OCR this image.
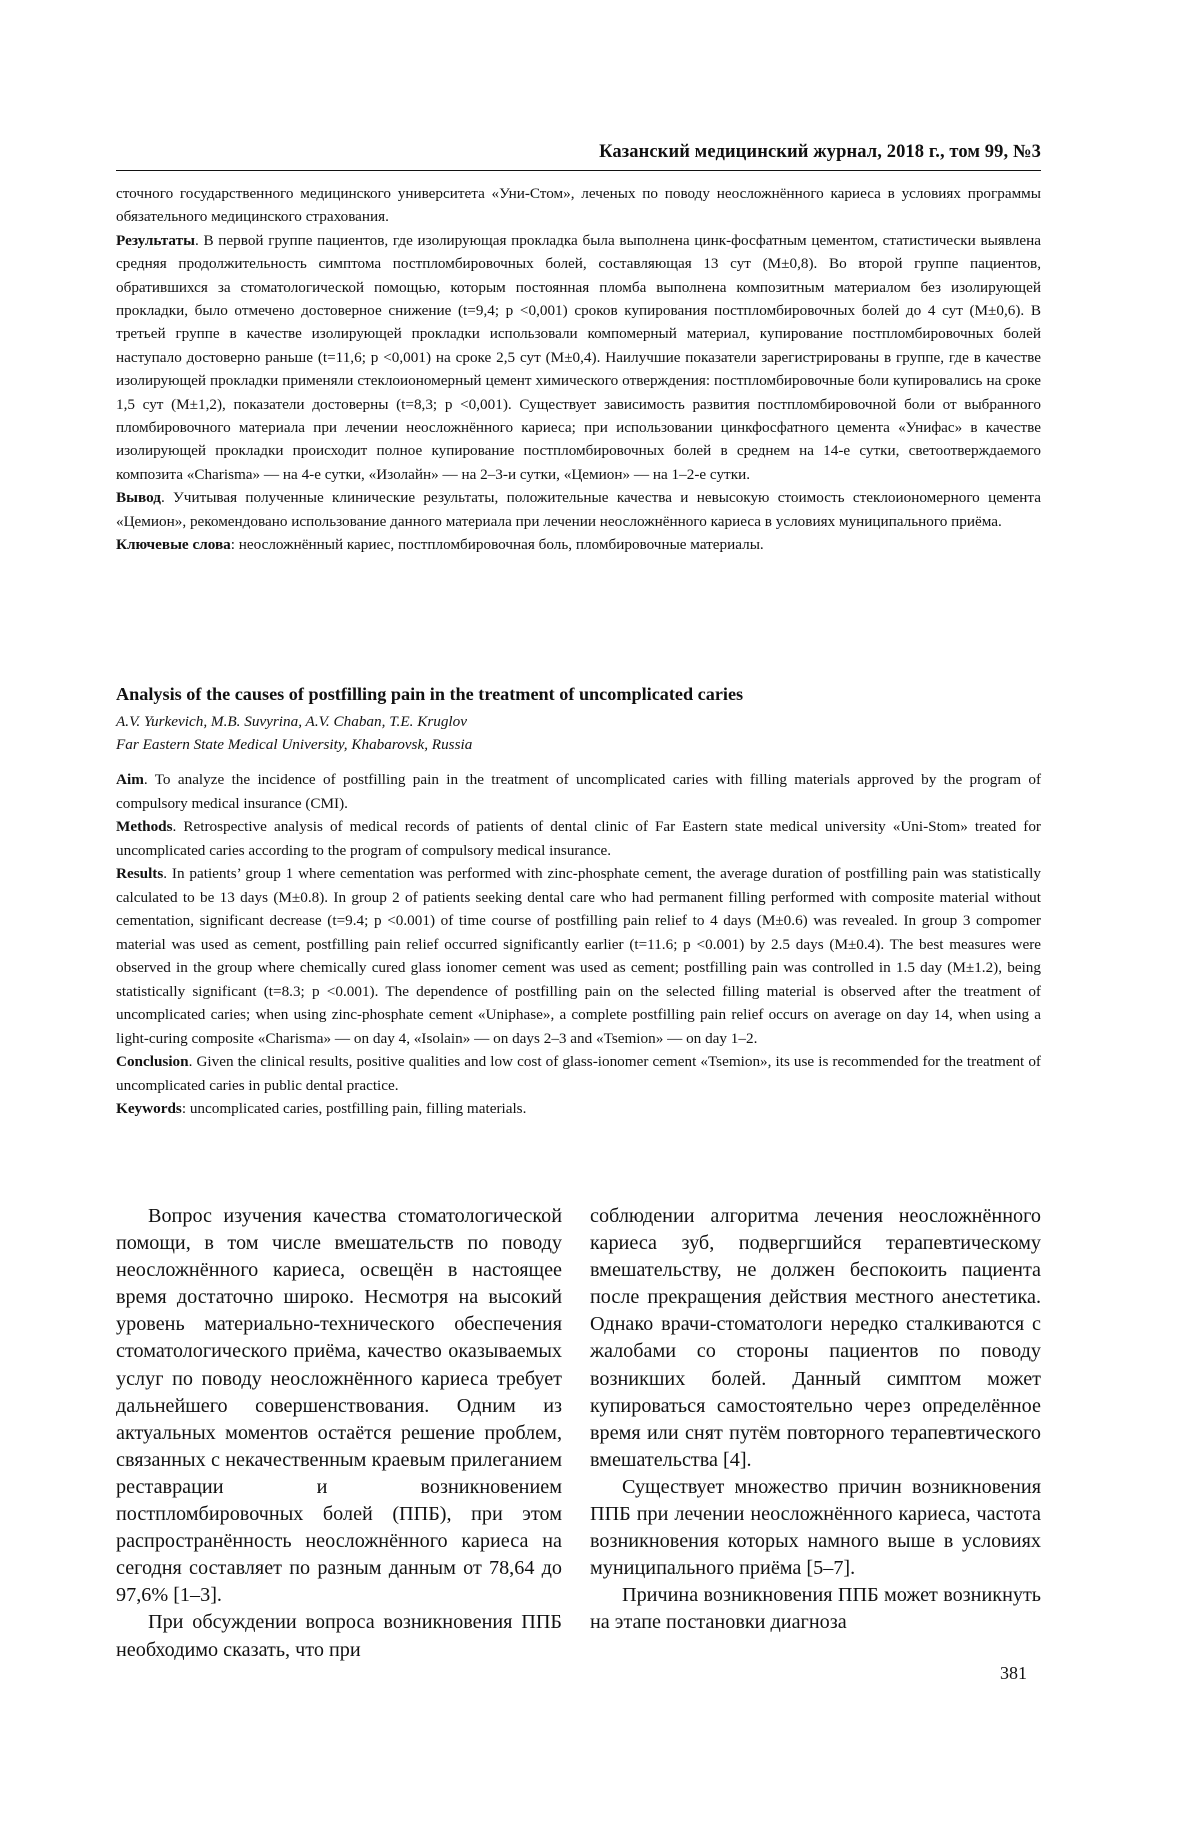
Казанский медицинский журнал, 2018 г., том 99, №3

сточного государственного медицинского университета «Уни-Стом», леченых по поводу неосложнённого кариеса в условиях программы обязательного медицинского страхования.

Результаты. В первой группе пациентов, где изолирующая прокладка была выполнена цинк-фосфатным цементом, статистически выявлена средняя продолжительность симптома постпломбировочных болей, составляющая 13 сут (M±0,8). Во второй группе пациентов, обратившихся за стоматологической помощью, которым постоянная пломба выполнена композитным материалом без изолирующей прокладки, было отмечено достоверное снижение (t=9,4; p <0,001) сроков купирования постпломбировочных болей до 4 сут (M±0,6). В третьей группе в качестве изолирующей прокладки использовали компомерный материал, купирование постпломбировочных болей наступало достоверно раньше (t=11,6; p <0,001) на сроке 2,5 сут (M±0,4). Наилучшие показатели зарегистрированы в группе, где в качестве изолирующей прокладки применяли стеклоиономерный цемент химического отверждения: постпломбировочные боли купировались на сроке 1,5 сут (M±1,2), показатели достоверны (t=8,3; p <0,001). Существует зависимость развития постпломбировочной боли от выбранного пломбировочного материала при лечении неосложнённого кариеса; при использовании цинкфосфатного цемента «Унифас» в качестве изолирующей прокладки происходит полное купирование постпломбировочных болей в среднем на 14-е сутки, светоотверждаемого композита «Charisma» — на 4-е сутки, «Изолайн» — на 2–3-и сутки, «Цемион» — на 1–2-е сутки.

Вывод. Учитывая полученные клинические результаты, положительные качества и невысокую стоимость стеклоиономерного цемента «Цемион», рекомендовано использование данного материала при лечении неосложнённого кариеса в условиях муниципального приёма.

Ключевые слова: неосложнённый кариес, постпломбировочная боль, пломбировочные материалы.

Analysis of the causes of postfilling pain in the treatment of uncomplicated caries
A.V. Yurkevich, M.B. Suvyrina, A.V. Chaban, T.E. Kruglov
Far Eastern State Medical University, Khabarovsk, Russia

Aim. To analyze the incidence of postfilling pain in the treatment of uncomplicated caries with filling materials approved by the program of compulsory medical insurance (CMI).

Methods. Retrospective analysis of medical records of patients of dental clinic of Far Eastern state medical university «Uni-Stom» treated for uncomplicated caries according to the program of compulsory medical insurance.

Results. In patients’ group 1 where cementation was performed with zinc-phosphate cement, the average duration of postfilling pain was statistically calculated to be 13 days (M±0.8). In group 2 of patients seeking dental care who had permanent filling performed with composite material without cementation, significant decrease (t=9.4; p <0.001) of time course of postfilling pain relief to 4 days (M±0.6) was revealed. In group 3 compomer material was used as cement, postfilling pain relief occurred significantly earlier (t=11.6; p <0.001) by 2.5 days (M±0.4). The best measures were observed in the group where chemically cured glass ionomer cement was used as cement; postfilling pain was controlled in 1.5 day (M±1.2), being statistically significant (t=8.3; p <0.001). The dependence of postfilling pain on the selected filling material is observed after the treatment of uncomplicated caries; when using zinc-phosphate cement «Uniphase», a complete postfilling pain relief occurs on average on day 14, when using a light-curing composite «Charisma» — on day 4, «Isolain» — on days 2–3 and «Tsemion» — on day 1–2.

Conclusion. Given the clinical results, positive qualities and low cost of glass-ionomer cement «Tsemion», its use is recommended for the treatment of uncomplicated caries in public dental practice.

Keywords: uncomplicated caries, postfilling pain, filling materials.

Вопрос изучения качества стоматологической помощи, в том числе вмешательств по поводу неосложнённого кариеса, освещён в настоящее время достаточно широко. Несмотря на высокий уровень материально-технического обеспечения стоматологического приёма, качество оказываемых услуг по поводу неосложнённого кариеса требует дальнейшего совершенствования. Одним из актуальных моментов остаётся решение проблем, связанных с некачественным краевым прилеганием реставрации и возникновением постпломбировочных болей (ППБ), при этом распространённость неосложнённого кариеса на сегодня составляет по разным данным от 78,64 до 97,6% [1–3].

При обсуждении вопроса возникновения ППБ необходимо сказать, что при

соблюдении алгоритма лечения неосложнённого кариеса зуб, подвергшийся терапевтическому вмешательству, не должен беспокоить пациента после прекращения действия местного анестетика. Однако врачи-стоматологи нередко сталкиваются с жалобами со стороны пациентов по поводу возникших болей. Данный симптом может купироваться самостоятельно через определённое время или снят путём повторного терапевтического вмешательства [4].

Существует множество причин возникновения ППБ при лечении неосложнённого кариеса, частота возникновения которых намного выше в условиях муниципального приёма [5–7].

Причина возникновения ППБ может возникнуть на этапе постановки диагноза

381
